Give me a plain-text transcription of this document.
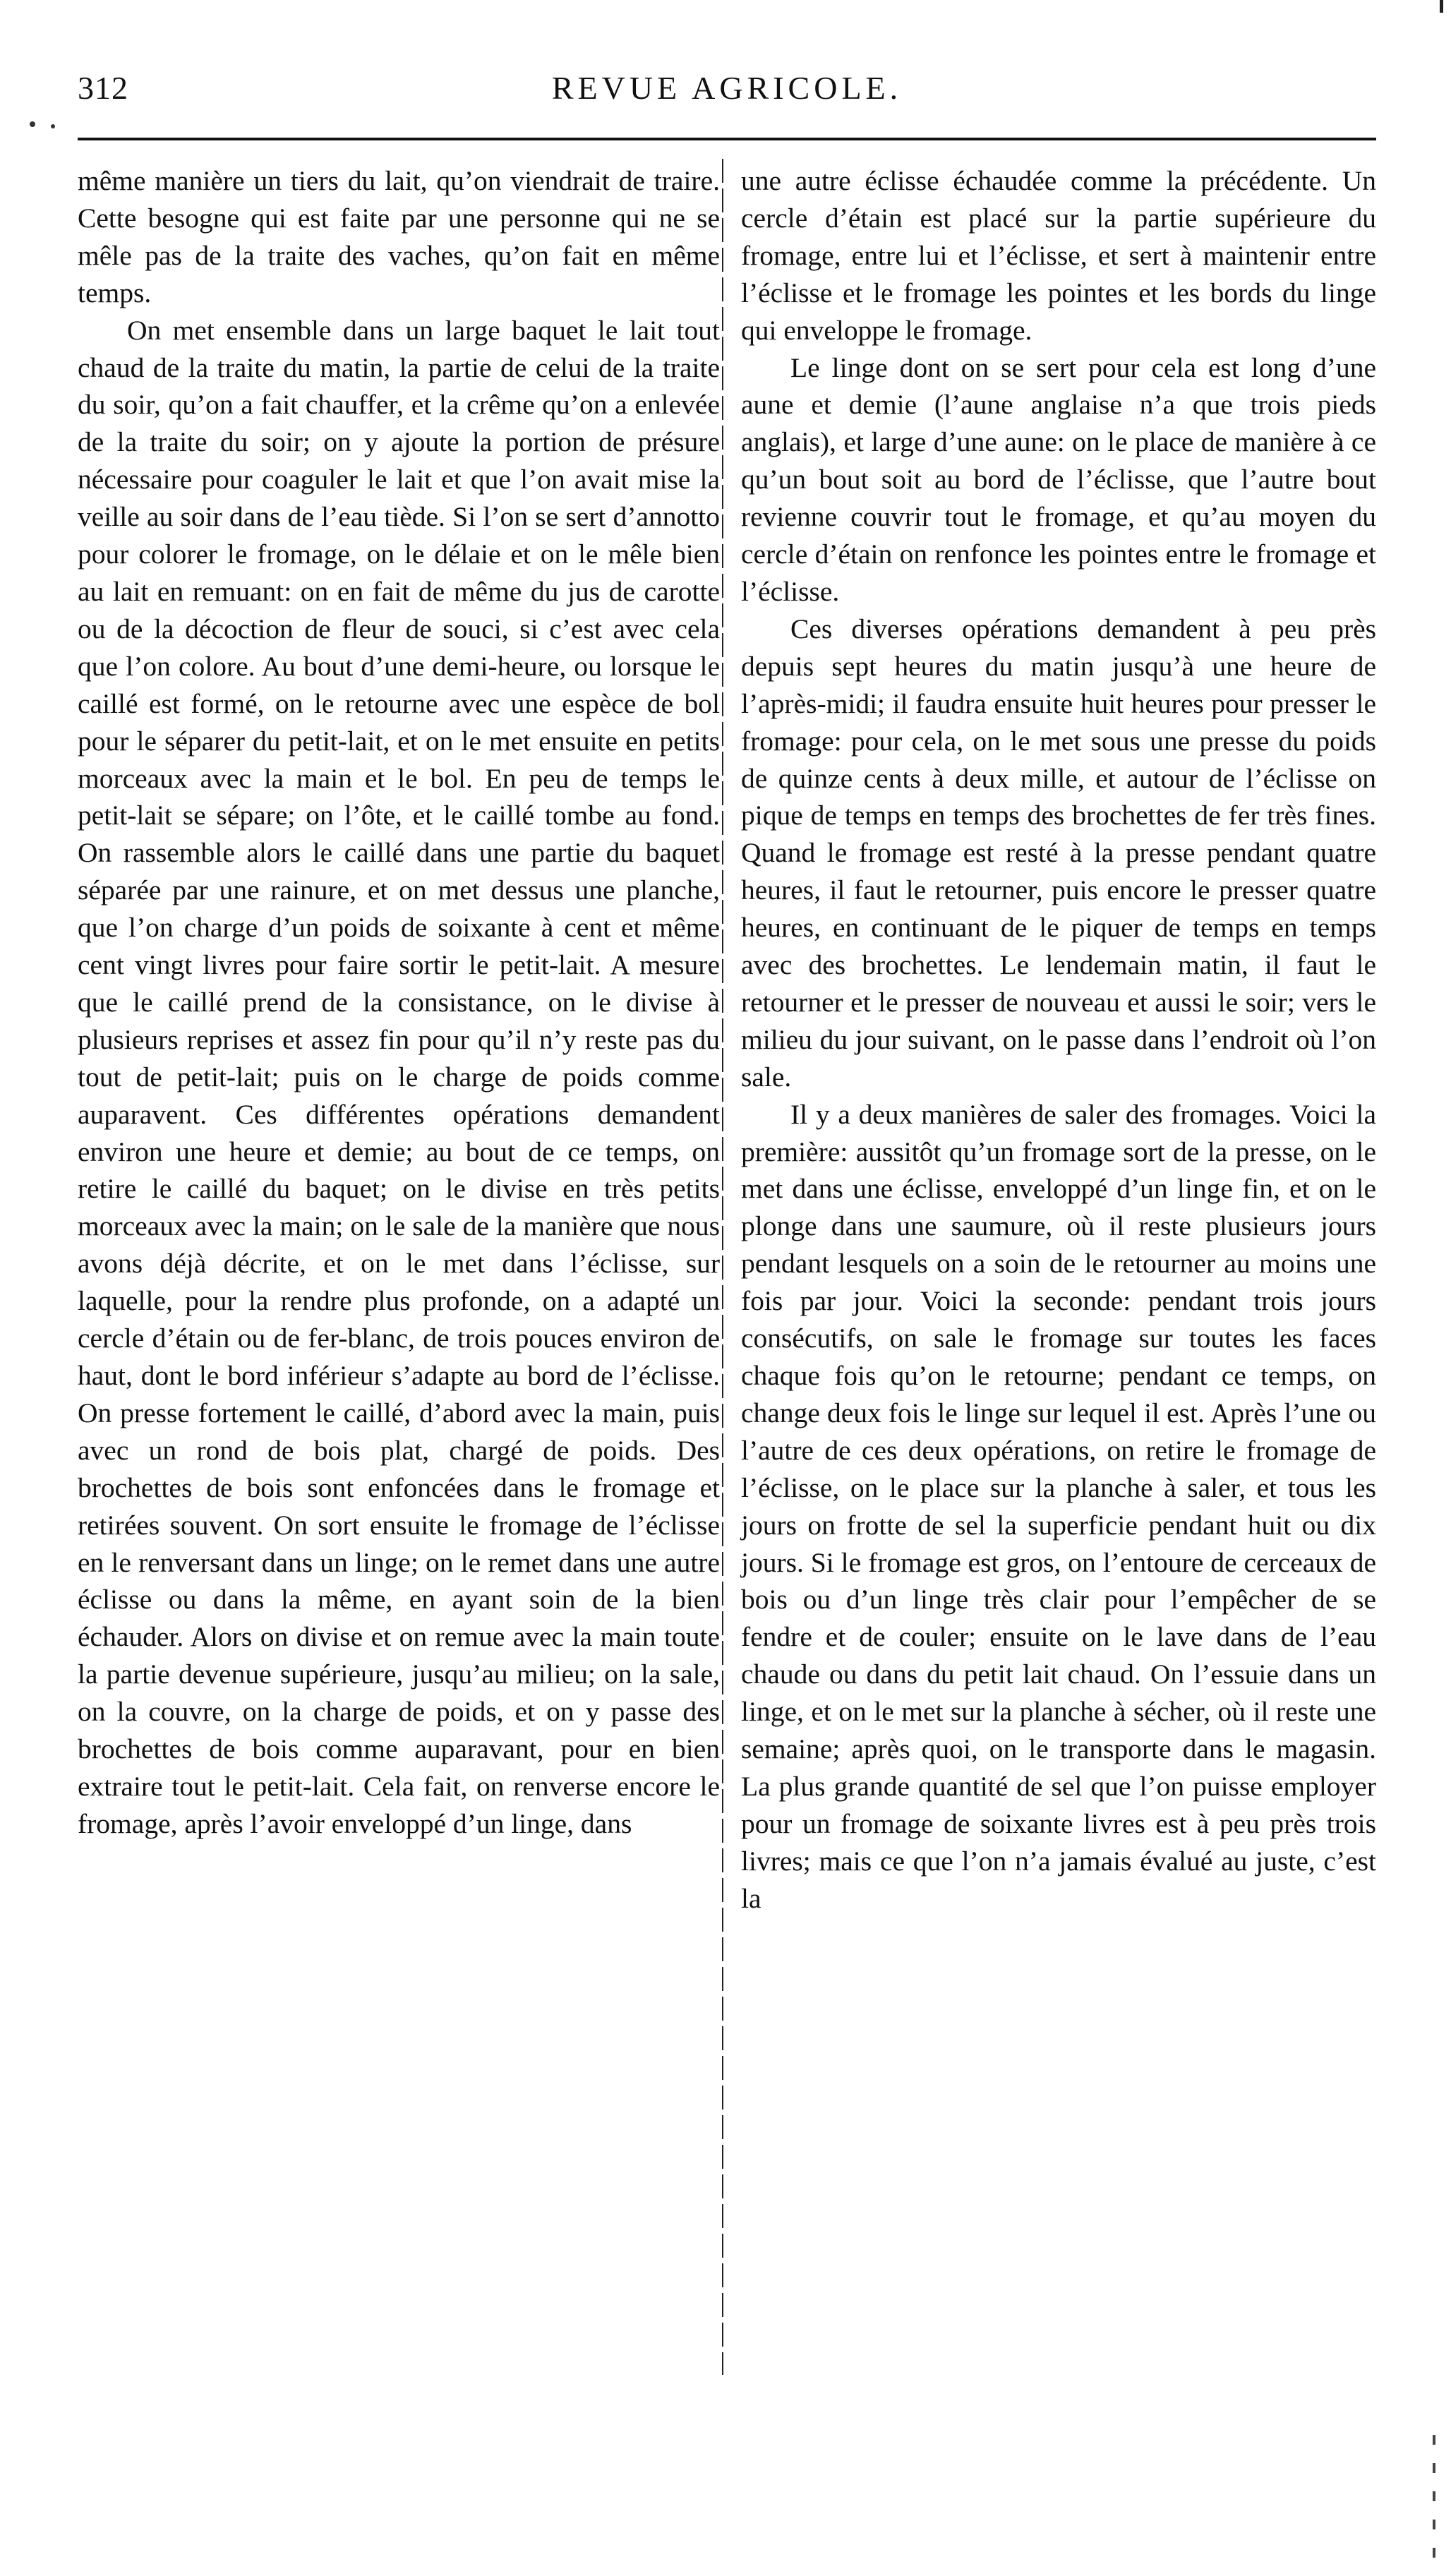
312	REVUE AGRICOLE.

même manière un tiers du lait, qu’on viendrait de traire. Cette besogne qui est faite par une personne qui ne se mêle pas de la traite des vaches, qu’on fait en même temps.

On met ensemble dans un large baquet le lait tout chaud de la traite du matin, la partie de celui de la traite du soir, qu’on a fait chauffer, et la crême qu’on a enlevée de la traite du soir; on y ajoute la portion de présure nécessaire pour coaguler le lait et que l’on avait mise la veille au soir dans de l’eau tiède. Si l’on se sert d’annotto pour colorer le fromage, on le délaie et on le mêle bien au lait en remuant: on en fait de même du jus de carotte ou de la décoction de fleur de souci, si c’est avec cela que l’on colore. Au bout d’une demi-heure, ou lorsque le caillé est formé, on le retourne avec une espèce de bol pour le séparer du petit-lait, et on le met ensuite en petits morceaux avec la main et le bol. En peu de temps le petit-lait se sépare; on l’ôte, et le caillé tombe au fond. On rassemble alors le caillé dans une partie du baquet séparée par une rainure, et on met dessus une planche, que l’on charge d’un poids de soixante à cent et même cent vingt livres pour faire sortir le petit-lait. A mesure que le caillé prend de la consistance, on le divise à plusieurs reprises et assez fin pour qu’il n’y reste pas du tout de petit-lait; puis on le charge de poids comme auparavent. Ces différentes opérations demandent environ une heure et demie; au bout de ce temps, on retire le caillé du baquet; on le divise en très petits morceaux avec la main; on le sale de la manière que nous avons déjà décrite, et on le met dans l’éclisse, sur laquelle, pour la rendre plus profonde, on a adapté un cercle d’étain ou de fer-blanc, de trois pouces environ de haut, dont le bord inférieur s’adapte au bord de l’éclisse. On presse fortement le caillé, d’abord avec la main, puis avec un rond de bois plat, chargé de poids. Des brochettes de bois sont enfoncées dans le fromage et retirées souvent. On sort ensuite le fromage de l’éclisse en le renversant dans un linge; on le remet dans une autre éclisse ou dans la même, en ayant soin de la bien échauder. Alors on divise et on remue avec la main toute la partie devenue supérieure, jusqu’au milieu; on la sale, on la couvre, on la charge de poids, et on y passe des brochettes de bois comme auparavant, pour en bien extraire tout le petit-lait. Cela fait, on renverse encore le fromage, après l’avoir enveloppé d’un linge, dans

une autre éclisse échaudée comme la précédente. Un cercle d’étain est placé sur la partie supérieure du fromage, entre lui et l’éclisse, et sert à maintenir entre l’éclisse et le fromage les pointes et les bords du linge qui enveloppe le fromage.

Le linge dont on se sert pour cela est long d’une aune et demie (l’aune anglaise n’a que trois pieds anglais), et large d’une aune: on le place de manière à ce qu’un bout soit au bord de l’éclisse, que l’autre bout revienne couvrir tout le fromage, et qu’au moyen du cercle d’étain on renfonce les pointes entre le fromage et l’éclisse.

Ces diverses opérations demandent à peu près depuis sept heures du matin jusqu’à une heure de l’après-midi; il faudra ensuite huit heures pour presser le fromage: pour cela, on le met sous une presse du poids de quinze cents à deux mille, et autour de l’éclisse on pique de temps en temps des brochettes de fer très fines. Quand le fromage est resté à la presse pendant quatre heures, il faut le retourner, puis encore le presser quatre heures, en continuant de le piquer de temps en temps avec des brochettes. Le lendemain matin, il faut le retourner et le presser de nouveau et aussi le soir; vers le milieu du jour suivant, on le passe dans l’endroit où l’on sale.

Il y a deux manières de saler des fromages. Voici la première: aussitôt qu’un fromage sort de la presse, on le met dans une éclisse, enveloppé d’un linge fin, et on le plonge dans une saumure, où il reste plusieurs jours pendant lesquels on a soin de le retourner au moins une fois par jour. Voici la seconde: pendant trois jours consécutifs, on sale le fromage sur toutes les faces chaque fois qu’on le retourne; pendant ce temps, on change deux fois le linge sur lequel il est. Après l’une ou l’autre de ces deux opérations, on retire le fromage de l’éclisse, on le place sur la planche à saler, et tous les jours on frotte de sel la superficie pendant huit ou dix jours. Si le fromage est gros, on l’entoure de cerceaux de bois ou d’un linge très clair pour l’empêcher de se fendre et de couler; ensuite on le lave dans de l’eau chaude ou dans du petit lait chaud. On l’essuie dans un linge, et on le met sur la planche à sécher, où il reste une semaine; après quoi, on le transporte dans le magasin. La plus grande quantité de sel que l’on puisse employer pour un fromage de soixante livres est à peu près trois livres; mais ce que l’on n’a jamais évalué au juste, c’est la
